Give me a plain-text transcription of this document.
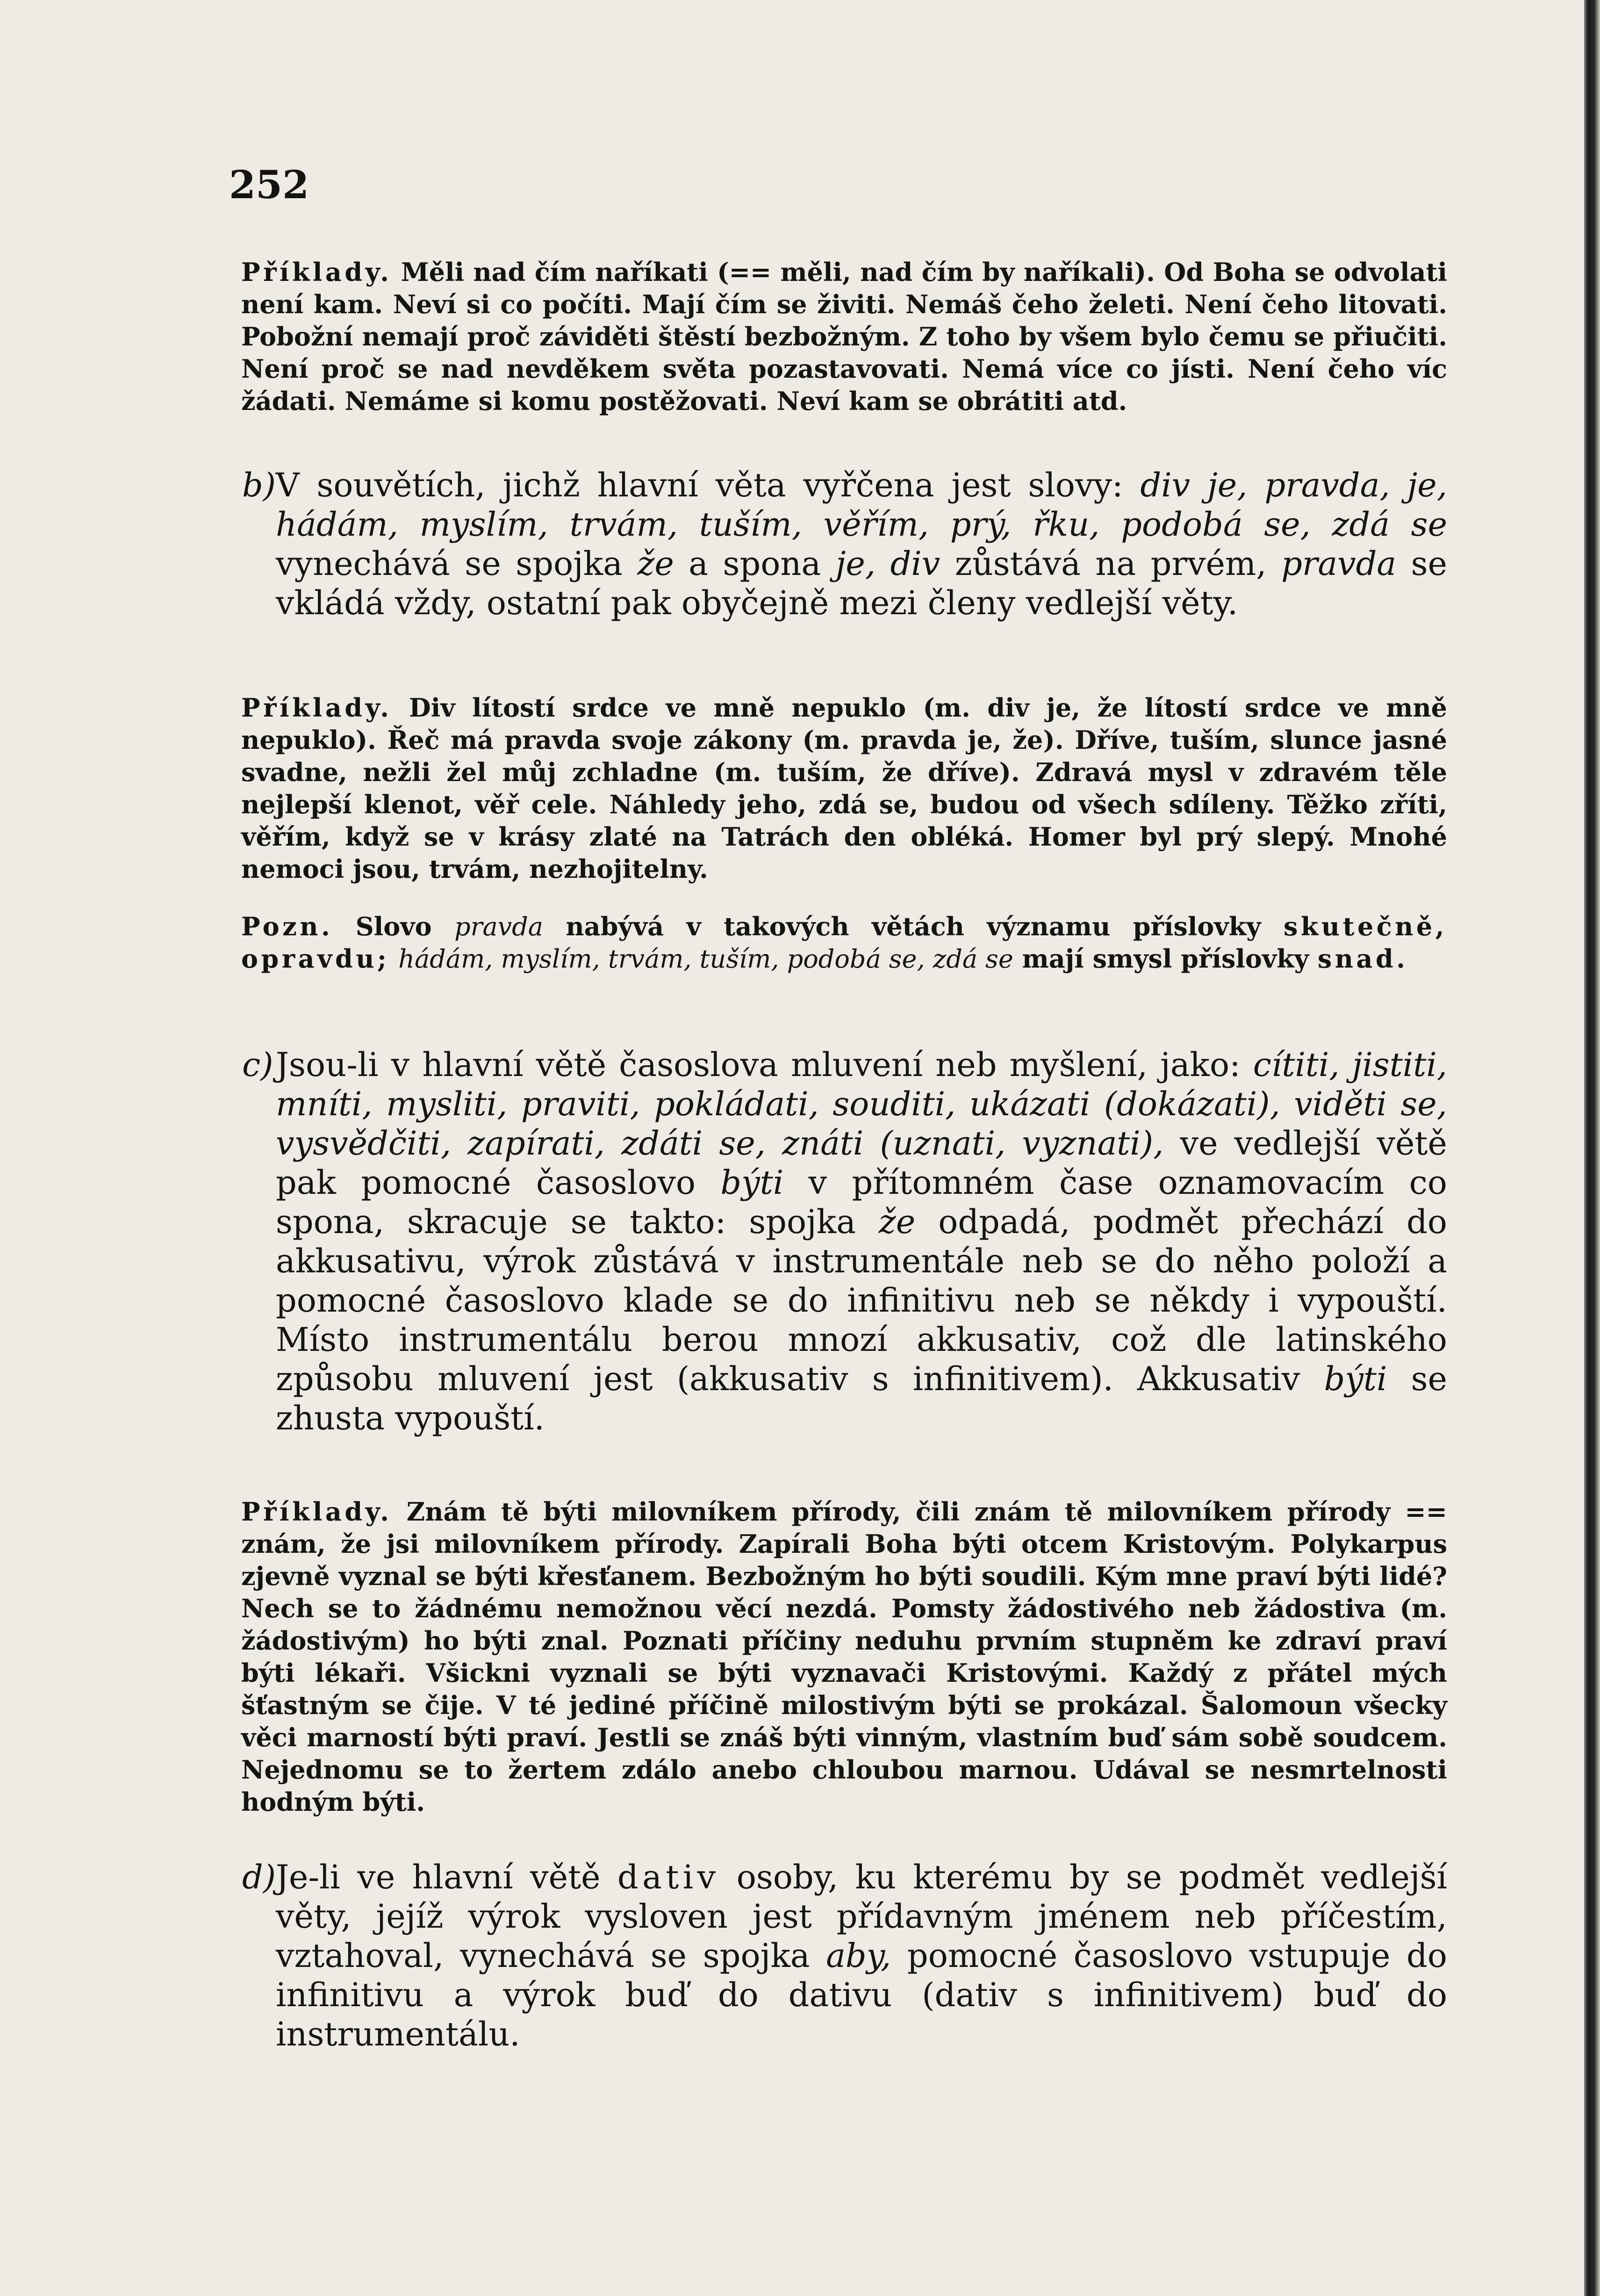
252
Příklady. Měli nad čím naříkati (== měli, nad čím by naříkali). Od Boha se odvolati není kam. Neví si co počíti. Mají čím se živiti. Nemáš čeho želeti. Není čeho litovati. Pobožní nemají proč záviděti štěstí bezbožným. Z toho by všem bylo čemu se přiučiti. Není proč se nad nevděkem světa pozastavovati. Nemá více co jísti. Není čeho víc žádati. Nemáme si komu postěžovati. Neví kam se obrátiti atd.
b) V souvětích, jichž hlavní věta vyřčena jest slovy: div je, pravda, je, hádám, myslím, trvám, tuším, věřím, prý, řku, podobá se, zdá se vynechává se spojka že a spona je, div zůstává na prvém, pravda se vkládá vždy, ostatní pak obyčejně mezi členy vedlejší věty.
Příklady. Div lítostí srdce ve mně nepuklo (m. div je, že lítostí srdce ve mně nepuklo). Řeč má pravda svoje zákony (m. pravda je, že). Dříve, tuším, slunce jasné svadne, nežli žel můj zchladne (m. tuším, že dříve). Zdravá mysl v zdravém těle nejlepší klenot, věř cele. Náhledy jeho, zdá se, budou od všech sdíleny. Těžko zříti, věřím, když se v krásy zlaté na Tatrách den obléká. Homer byl prý slepý. Mnohé nemoci jsou, trvám, nezhojitelny.
Pozn. Slovo pravda nabývá v takových větách významu příslovky skutečně, opravdu; hádám, myslím, trvám, tuším, podobá se, zdá se mají smysl příslovky snad.
c) Jsou-li v hlavní větě časoslova mluvení neb myšlení, jako: cítiti, jistiti, mníti, mysliti, praviti, pokládati, souditi, ukázati (dokázati), viděti se, vysvědčiti, zapírati, zdáti se, znáti (uznati, vyznati), ve vedlejší větě pak pomocné časoslovo býti v přítomném čase oznamovacím co spona, skracuje se takto: spojka že odpadá, podmět přechází do akkusativu, výrok zůstává v instrumentále neb se do něho položí a pomocné časoslovo klade se do infinitivu neb se někdy i vypouští. Místo instrumentálu berou mnozí akkusativ, což dle latinského způsobu mluvení jest (akkusativ s infinitivem). Akkusativ býti se zhusta vypouští.
Příklady. Znám tě býti milovníkem přírody, čili znám tě milovníkem přírody == znám, že jsi milovníkem přírody. Zapírali Boha býti otcem Kristovým. Polykarpus zjevně vyznal se býti křesťanem. Bezbožným ho býti soudili. Kým mne praví býti lidé? Nech se to žádnému nemožnou věcí nezdá. Pomsty žádostivého neb žádostiva (m. žádostivým) ho býti znal. Poznati příčiny neduhu prvním stupněm ke zdraví praví býti lékaři. Všickni vyznali se býti vyznavači Kristovými. Každý z přátel mých šťastným se čije. V té jediné příčině milostivým býti se prokázal. Šalomoun všecky věci marností býti praví. Jestli se znáš býti vinným, vlastním buď sám sobě soudcem. Nejednomu se to žertem zdálo anebo chloubou marnou. Udával se nesmrtelnosti hodným býti.
d) Je-li ve hlavní větě dativ osoby, ku kterému by se podmět vedlejší věty, jejíž výrok vysloven jest přídavným jménem neb příčestím, vztahoval, vynechává se spojka aby, pomocné časoslovo vstupuje do infinitivu a výrok buď do dativu (dativ s infinitivem) buď do instrumentálu.
